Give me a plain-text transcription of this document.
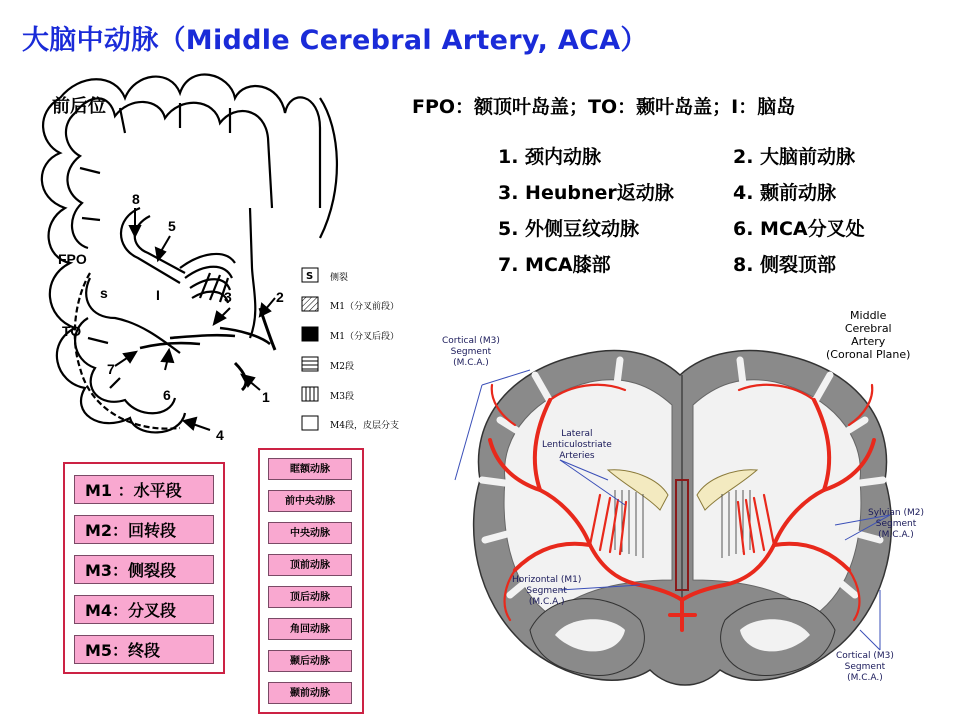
大脑中动脉（Middle Cerebral Artery, ACA）
前后位
FPO
TO
s	I
8
5
3	2
1
6
4
7
S 侧裂
M1（分叉前段）
M1（分叉后段）
M2段
M3段
M4段，皮层分支
FPO：额顶叶岛盖；TO：颞叶岛盖；I：脑岛
1. 颈内动脉	2. 大脑前动脉
3. Heubner返动脉	4. 颞前动脉
5. 外侧豆纹动脉	6. MCA分叉处
7. MCA膝部	8. 侧裂顶部
Middle
Cerebral
Artery
(Coronal Plane)
Cortical (M3)
Segment
(M.C.A.)
Lateral
Lenticulostriate
Arteries
Sylvian (M2)
Segment
(M.C.A.)
Horizontal (M1)
Segment
(M.C.A.)
Cortical (M3)
Segment
(M.C.A.)
M1 ：水平段
M2：回转段
M3：侧裂段
M4：分叉段
M5：终段
眶额动脉
前中央动脉
中央动脉
顶前动脉
顶后动脉
角回动脉
颞后动脉
颞前动脉
